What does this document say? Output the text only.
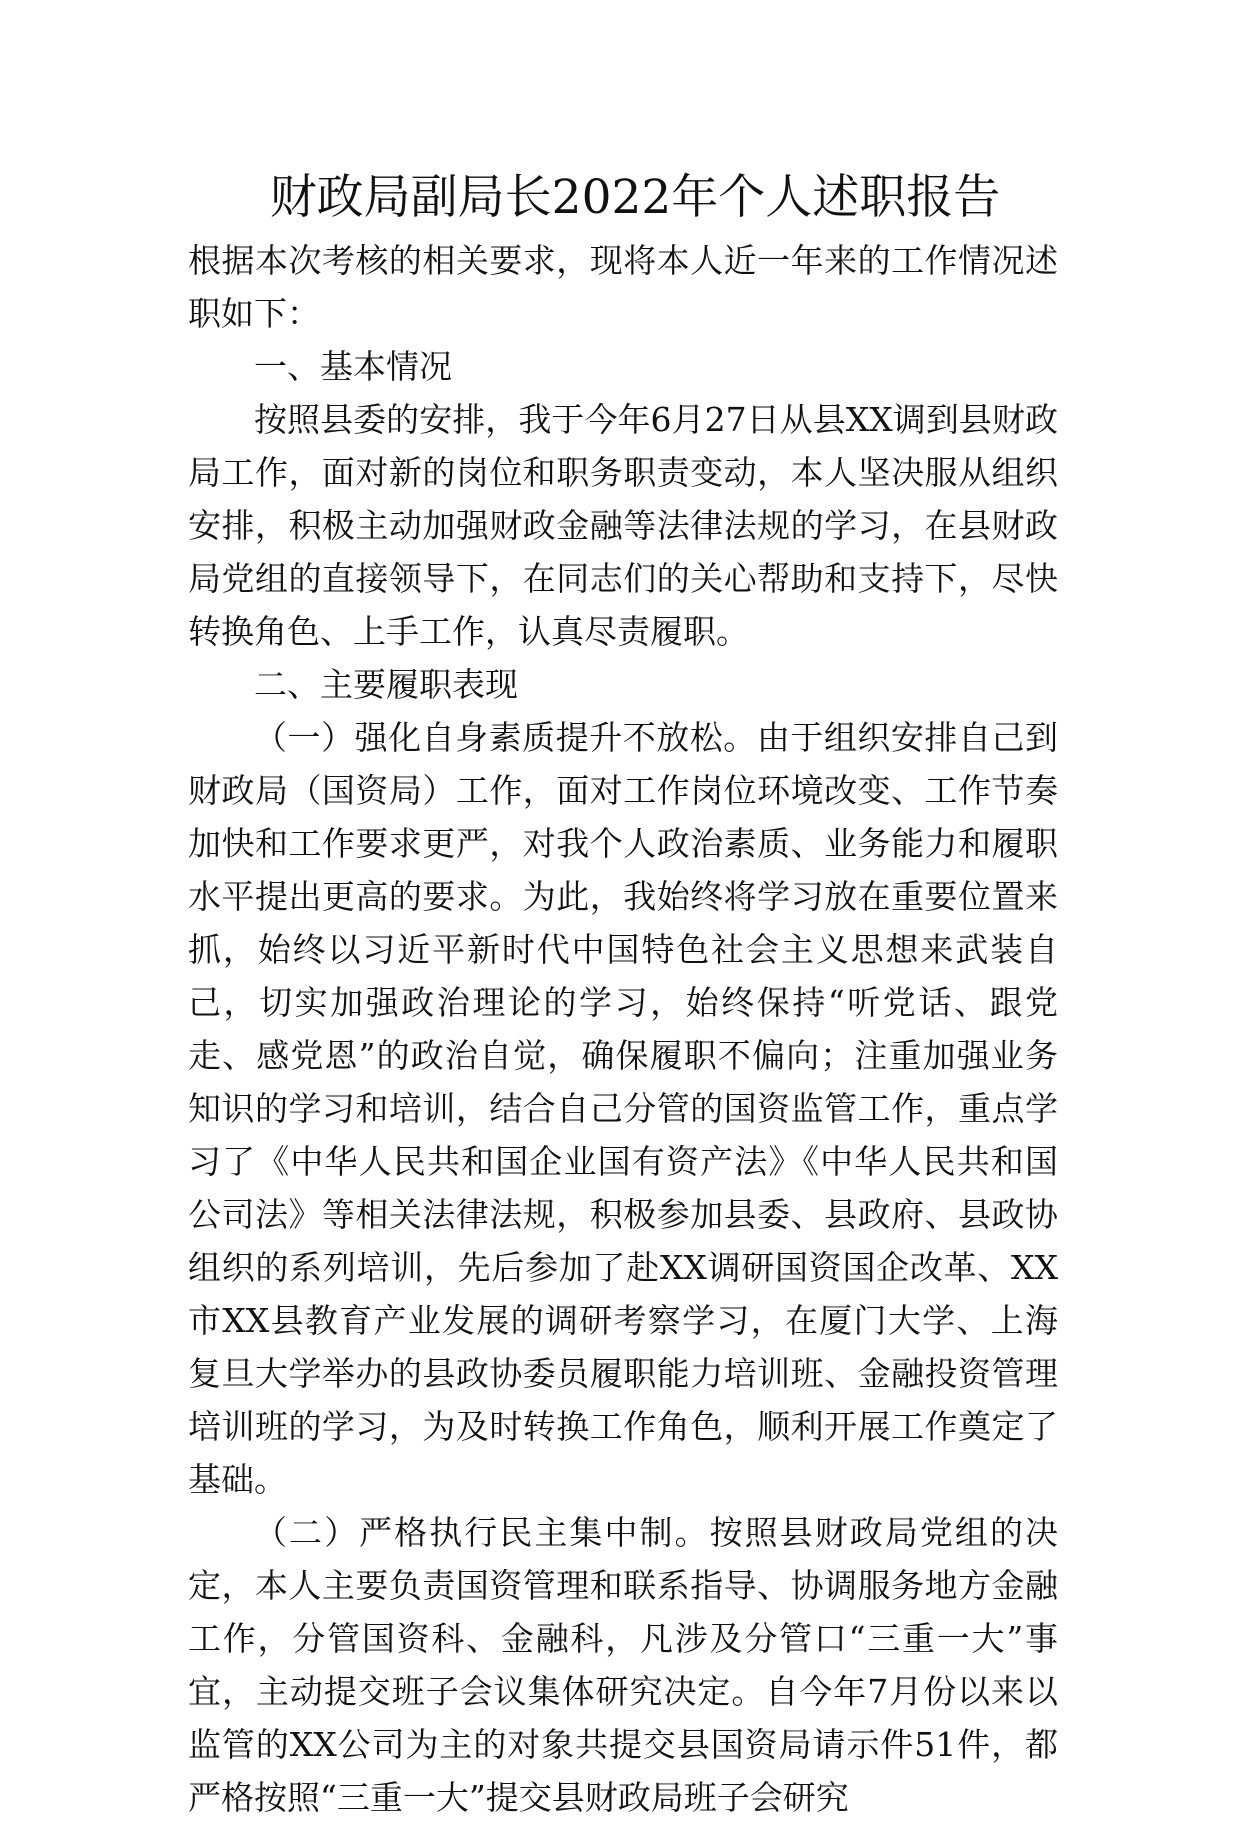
财政局副局长2022年个人述职报告

根据本次考核的相关要求，现将本人近一年来的工作情况述职如下：

一、基本情况

按照县委的安排，我于今年6月27日从县XX调到县财政局工作，面对新的岗位和职务职责变动，本人坚决服从组织安排，积极主动加强财政金融等法律法规的学习，在县财政局党组的直接领导下，在同志们的关心帮助和支持下，尽快转换角色、上手工作，认真尽责履职。

二、主要履职表现

（一）强化自身素质提升不放松。由于组织安排自己到财政局（国资局）工作，面对工作岗位环境改变、工作节奏加快和工作要求更严，对我个人政治素质、业务能力和履职水平提出更高的要求。为此，我始终将学习放在重要位置来抓，始终以习近平新时代中国特色社会主义思想来武装自己，切实加强政治理论的学习，始终保持“听党话、跟党走、感党恩”的政治自觉，确保履职不偏向；注重加强业务知识的学习和培训，结合自己分管的国资监管工作，重点学习了《中华人民共和国企业国有资产法》《中华人民共和国公司法》等相关法律法规，积极参加县委、县政府、县政协组织的系列培训，先后参加了赴XX调研国资国企改革、XX市XX县教育产业发展的调研考察学习，在厦门大学、上海复旦大学举办的县政协委员履职能力培训班、金融投资管理培训班的学习，为及时转换工作角色，顺利开展工作奠定了基础。

（二）严格执行民主集中制。按照县财政局党组的决定，本人主要负责国资管理和联系指导、协调服务地方金融工作，分管国资科、金融科，凡涉及分管口“三重一大”事宜，主动提交班子会议集体研究决定。自今年7月份以来以监管的XX公司为主的对象共提交县国资局请示件51件，都严格按照“三重一大”提交县财政局班子会研究
